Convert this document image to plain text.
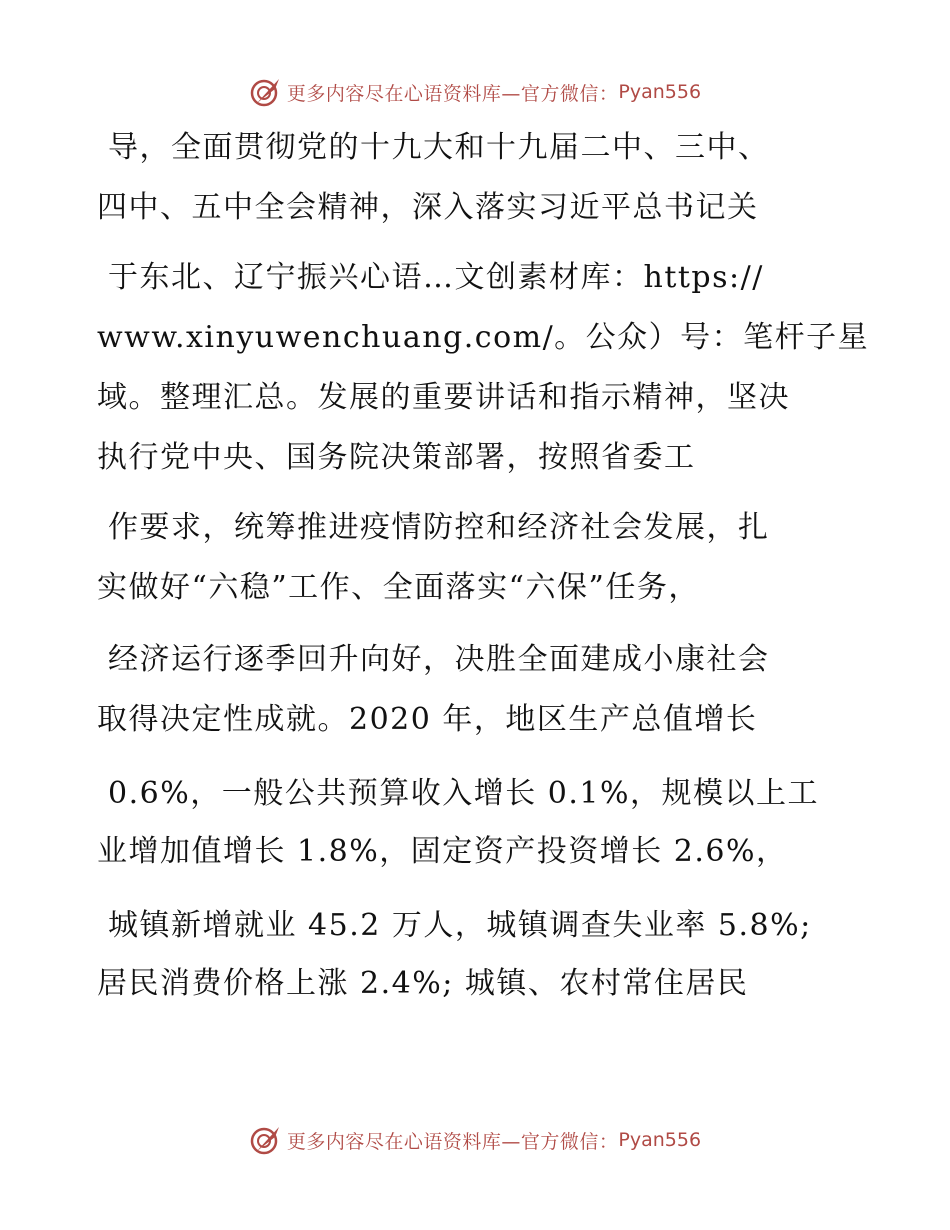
更多内容尽在心语资料库—官方微信： Pyan556
导，全面贯彻党的十九大和十九届二中、三中、
四中、五中全会精神，深入落实习近平总书记关
于东北、辽宁振兴心语…文创素材库：https://
www.xinyuwenchuang.com/。公众）号：笔杆子星
域。整理汇总。发展的重要讲话和指示精神，坚决
执行党中央、国务院决策部署，按照省委工
作要求，统筹推进疫情防控和经济社会发展，扎
实做好“六稳”工作、全面落实“六保”任务，
经济运行逐季回升向好，决胜全面建成小康社会
取得决定性成就。2020 年，地区生产总值增长
0.6%，一般公共预算收入增长 0.1%，规模以上工
业增加值增长 1.8%，固定资产投资增长 2.6%，
城镇新增就业 45.2 万人，城镇调查失业率 5.8%;
居民消费价格上涨 2.4%; 城镇、农村常住居民
更多内容尽在心语资料库—官方微信： Pyan556
